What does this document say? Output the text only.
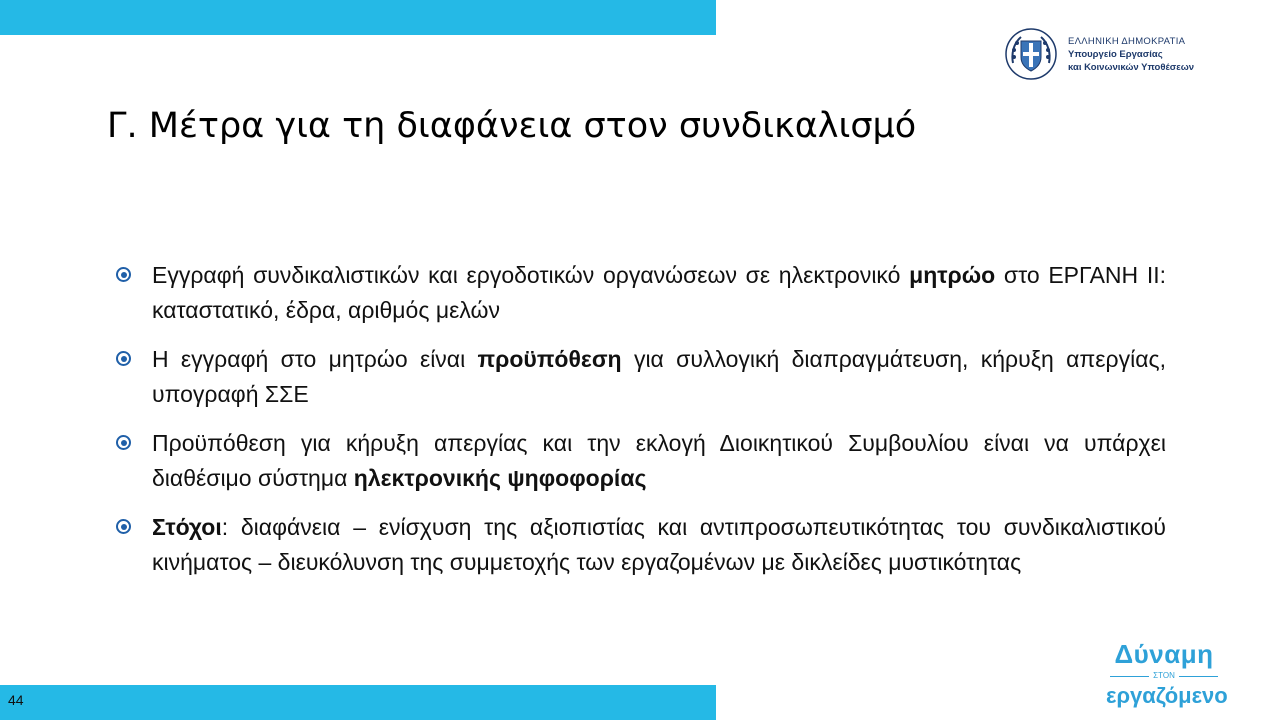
ΕΛΛΗΝΙΚΗ ΔΗΜΟΚΡΑΤΙΑ
Υπουργείο Εργασίας
και Κοινωνικών Υποθέσεων
Γ. Μέτρα για τη διαφάνεια στον συνδικαλισμό
Εγγραφή συνδικαλιστικών και εργοδοτικών οργανώσεων σε ηλεκτρονικό μητρώο στο ΕΡΓΑΝΗ ΙΙ: καταστατικό, έδρα, αριθμός μελών
Η εγγραφή στο μητρώο είναι προϋπόθεση για συλλογική διαπραγμάτευση, κήρυξη απεργίας, υπογραφή ΣΣΕ
Προϋπόθεση για κήρυξη απεργίας και την εκλογή Διοικητικού Συμβουλίου είναι να υπάρχει διαθέσιμο σύστημα ηλεκτρονικής ψηφοφορίας
Στόχοι: διαφάνεια – ενίσχυση της αξιοπιστίας και αντιπροσωπευτικότητας του συνδικαλιστικού κινήματος – διευκόλυνση της συμμετοχής των εργαζομένων με δικλείδες μυστικότητας
44
Δύναμη
ΣΤΟΝ
εργαζόμενο
